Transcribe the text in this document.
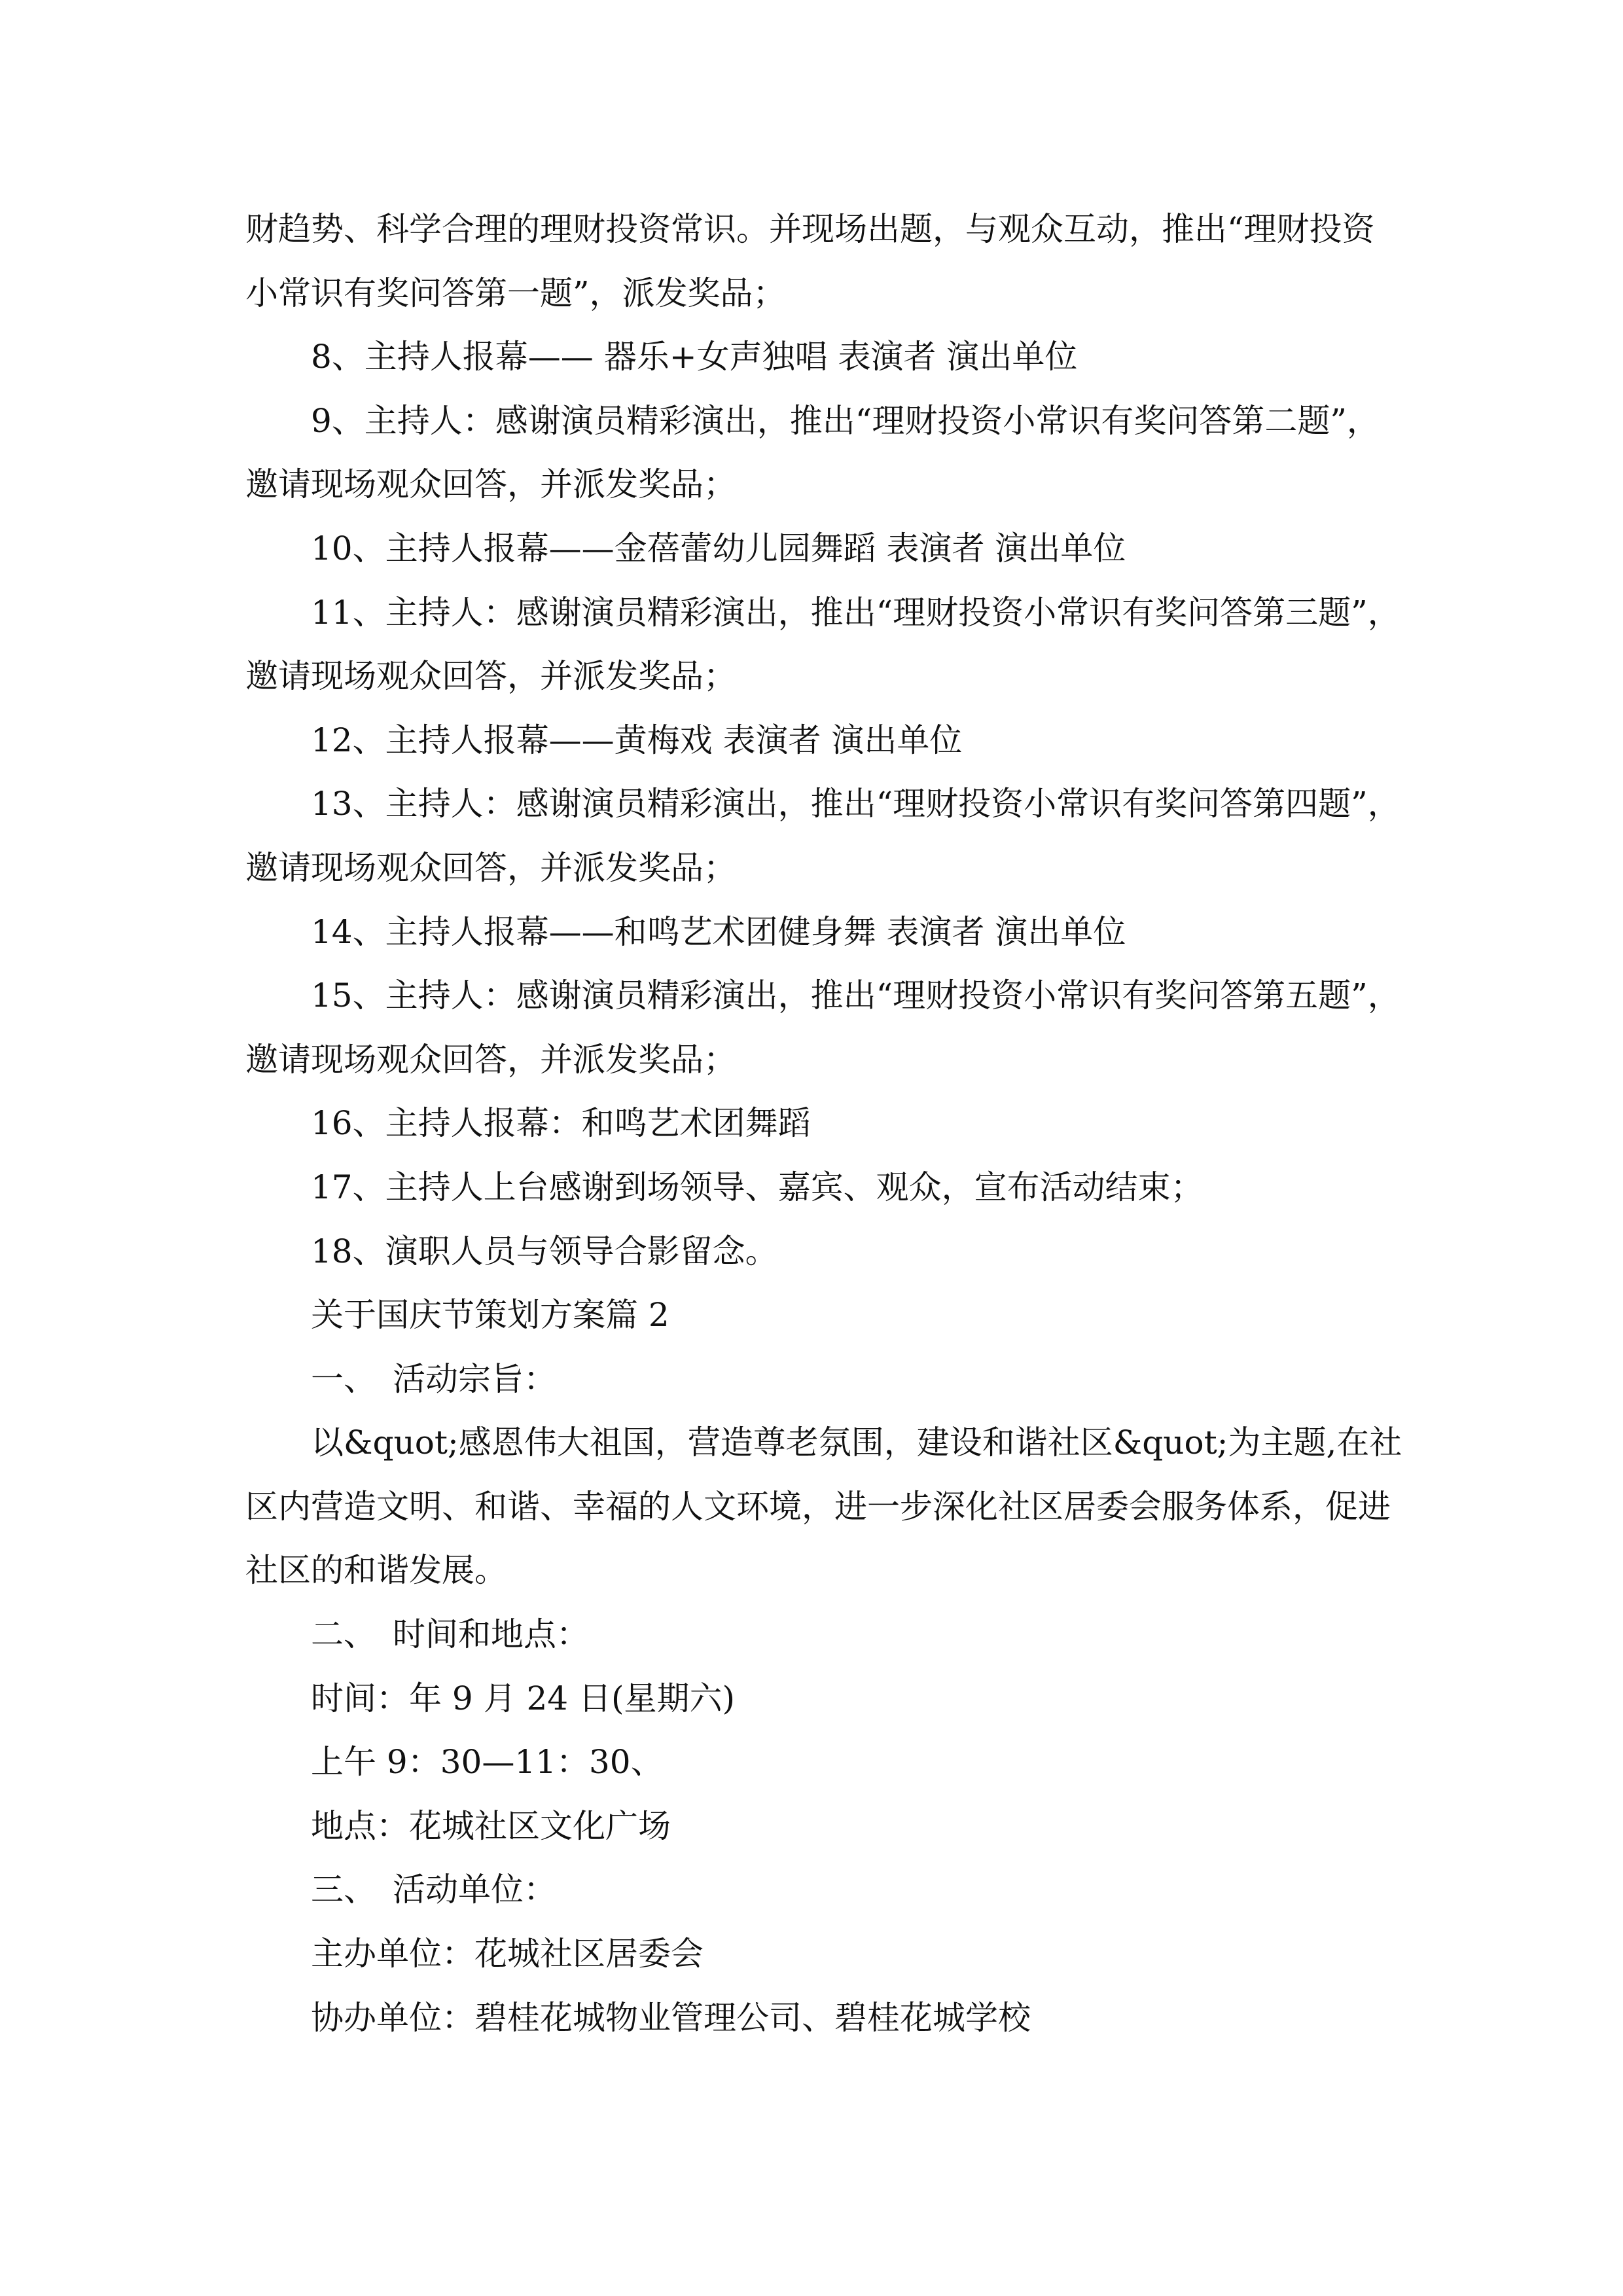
财趋势、科学合理的理财投资常识。并现场出题，与观众互动，推出“理财投资

小常识有奖问答第一题”，派发奖品；

8、主持人报幕—— 器乐+女声独唱 表演者 演出单位

9、主持人：感谢演员精彩演出，推出“理财投资小常识有奖问答第二题”，

邀请现场观众回答，并派发奖品；

10、主持人报幕——金蓓蕾幼儿园舞蹈 表演者 演出单位

11、主持人：感谢演员精彩演出，推出“理财投资小常识有奖问答第三题”，

邀请现场观众回答，并派发奖品；

12、主持人报幕——黄梅戏 表演者 演出单位

13、主持人：感谢演员精彩演出，推出“理财投资小常识有奖问答第四题”，

邀请现场观众回答，并派发奖品；

14、主持人报幕——和鸣艺术团健身舞 表演者 演出单位

15、主持人：感谢演员精彩演出，推出“理财投资小常识有奖问答第五题”，

邀请现场观众回答，并派发奖品；

16、主持人报幕：和鸣艺术团舞蹈

17、主持人上台感谢到场领导、嘉宾、观众，宣布活动结束；

18、演职人员与领导合影留念。

关于国庆节策划方案篇 2

一、　活动宗旨：

以&quot;感恩伟大祖国，营造尊老氛围，建设和谐社区&quot;为主题,在社

区内营造文明、和谐、幸福的人文环境，进一步深化社区居委会服务体系，促进

社区的和谐发展。

二、　时间和地点：

时间：年 9 月 24 日(星期六)

上午 9：30—11：30、

地点：花城社区文化广场

三、　活动单位：

主办单位：花城社区居委会

协办单位：碧桂花城物业管理公司、碧桂花城学校
